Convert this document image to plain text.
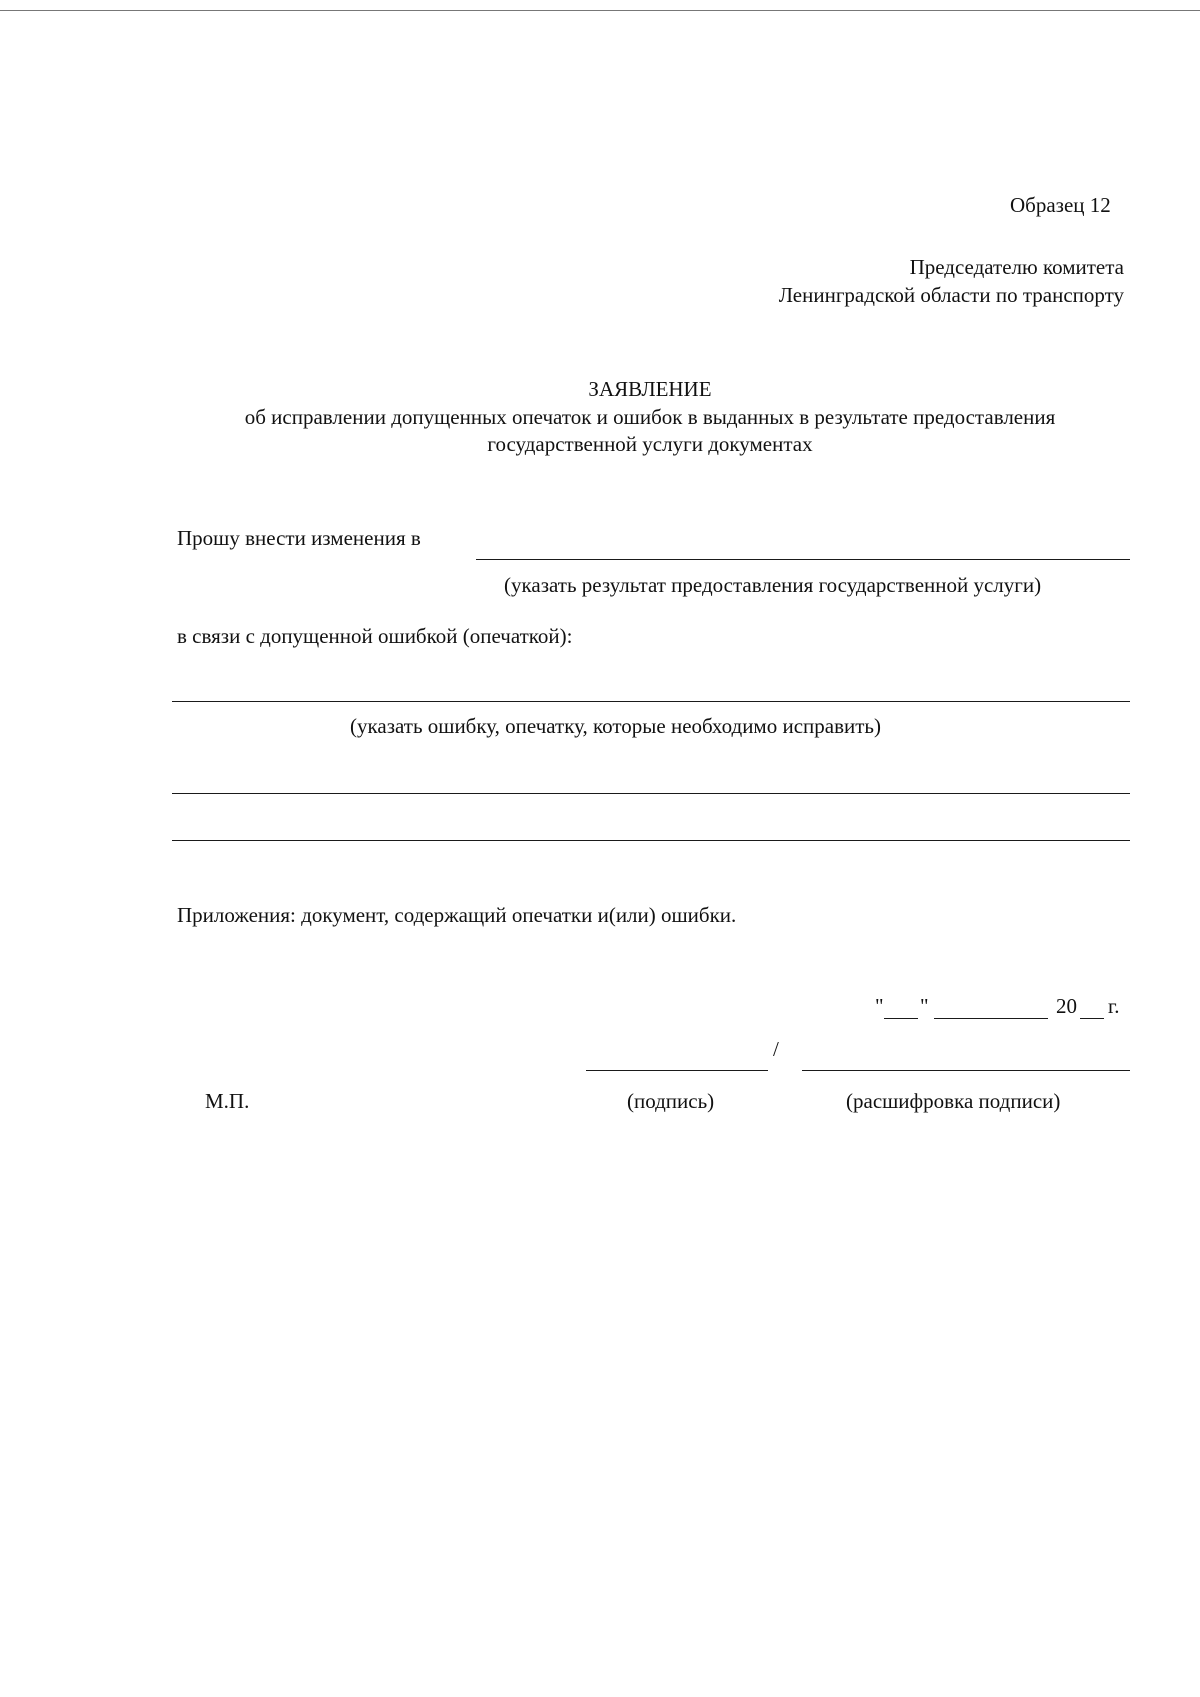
Образец 12
Председателю комитета
Ленинградской области по транспорту
ЗАЯВЛЕНИЕ
об исправлении допущенных опечаток и ошибок в выданных в результате предоставления
государственной услуги документах
Прошу внести изменения в
(указать результат предоставления государственной услуги)
в связи с допущенной ошибкой (опечаткой):
(указать ошибку, опечатку, которые необходимо исправить)
Приложения: документ, содержащий опечатки и(или) ошибки.
" "	20 г.
/
М.П.	(подпись)	(расшифровка подписи)
